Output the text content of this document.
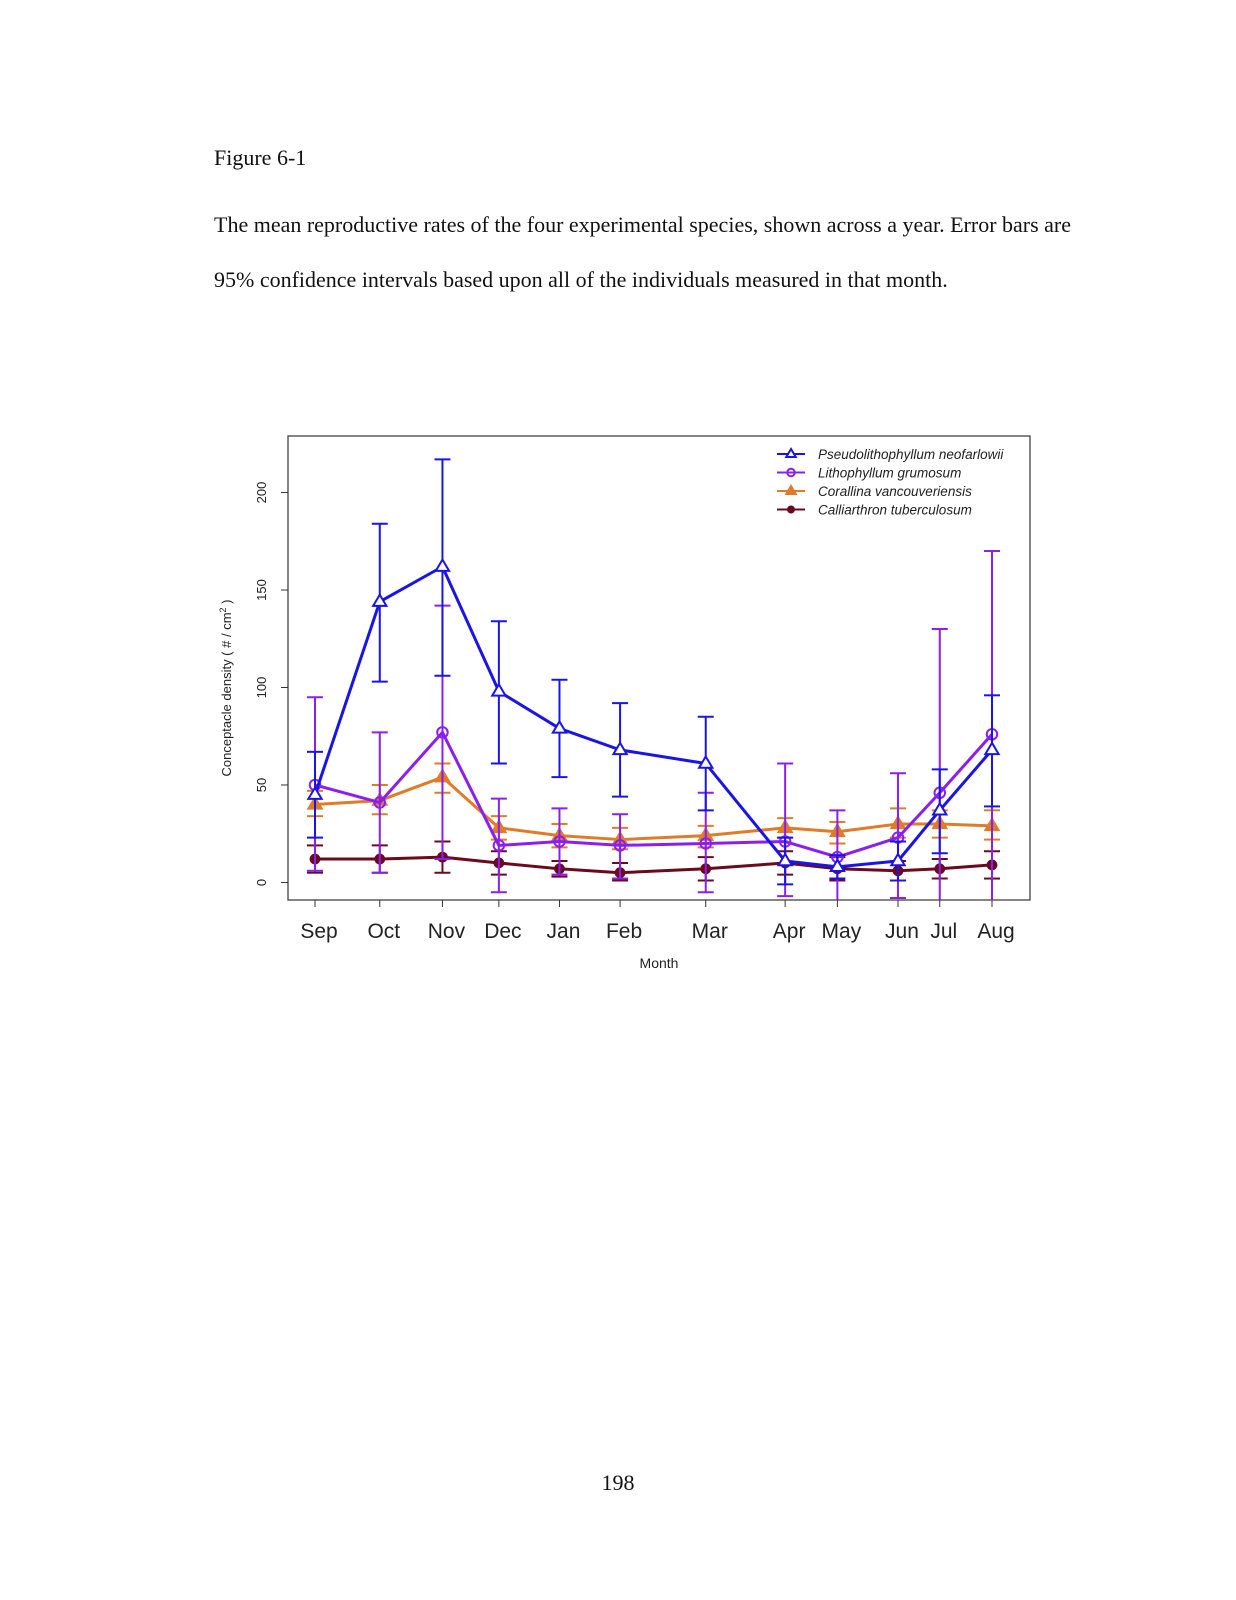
Figure 6-1

The mean reproductive rates of the four experimental species, shown across a year. Error bars are 95% confidence intervals based upon all of the individuals measured in that month.

0
50
100
150
200
Sep Oct Nov Dec Jan Feb Mar Apr May Jun Jul Aug
Pseudolithophyllum neofarlowii
Lithophyllum grumosum
Corallina vancouveriensis
Calliarthron tuberculosum
Month
Conceptacle density ( # / $cm^2$ )
198
